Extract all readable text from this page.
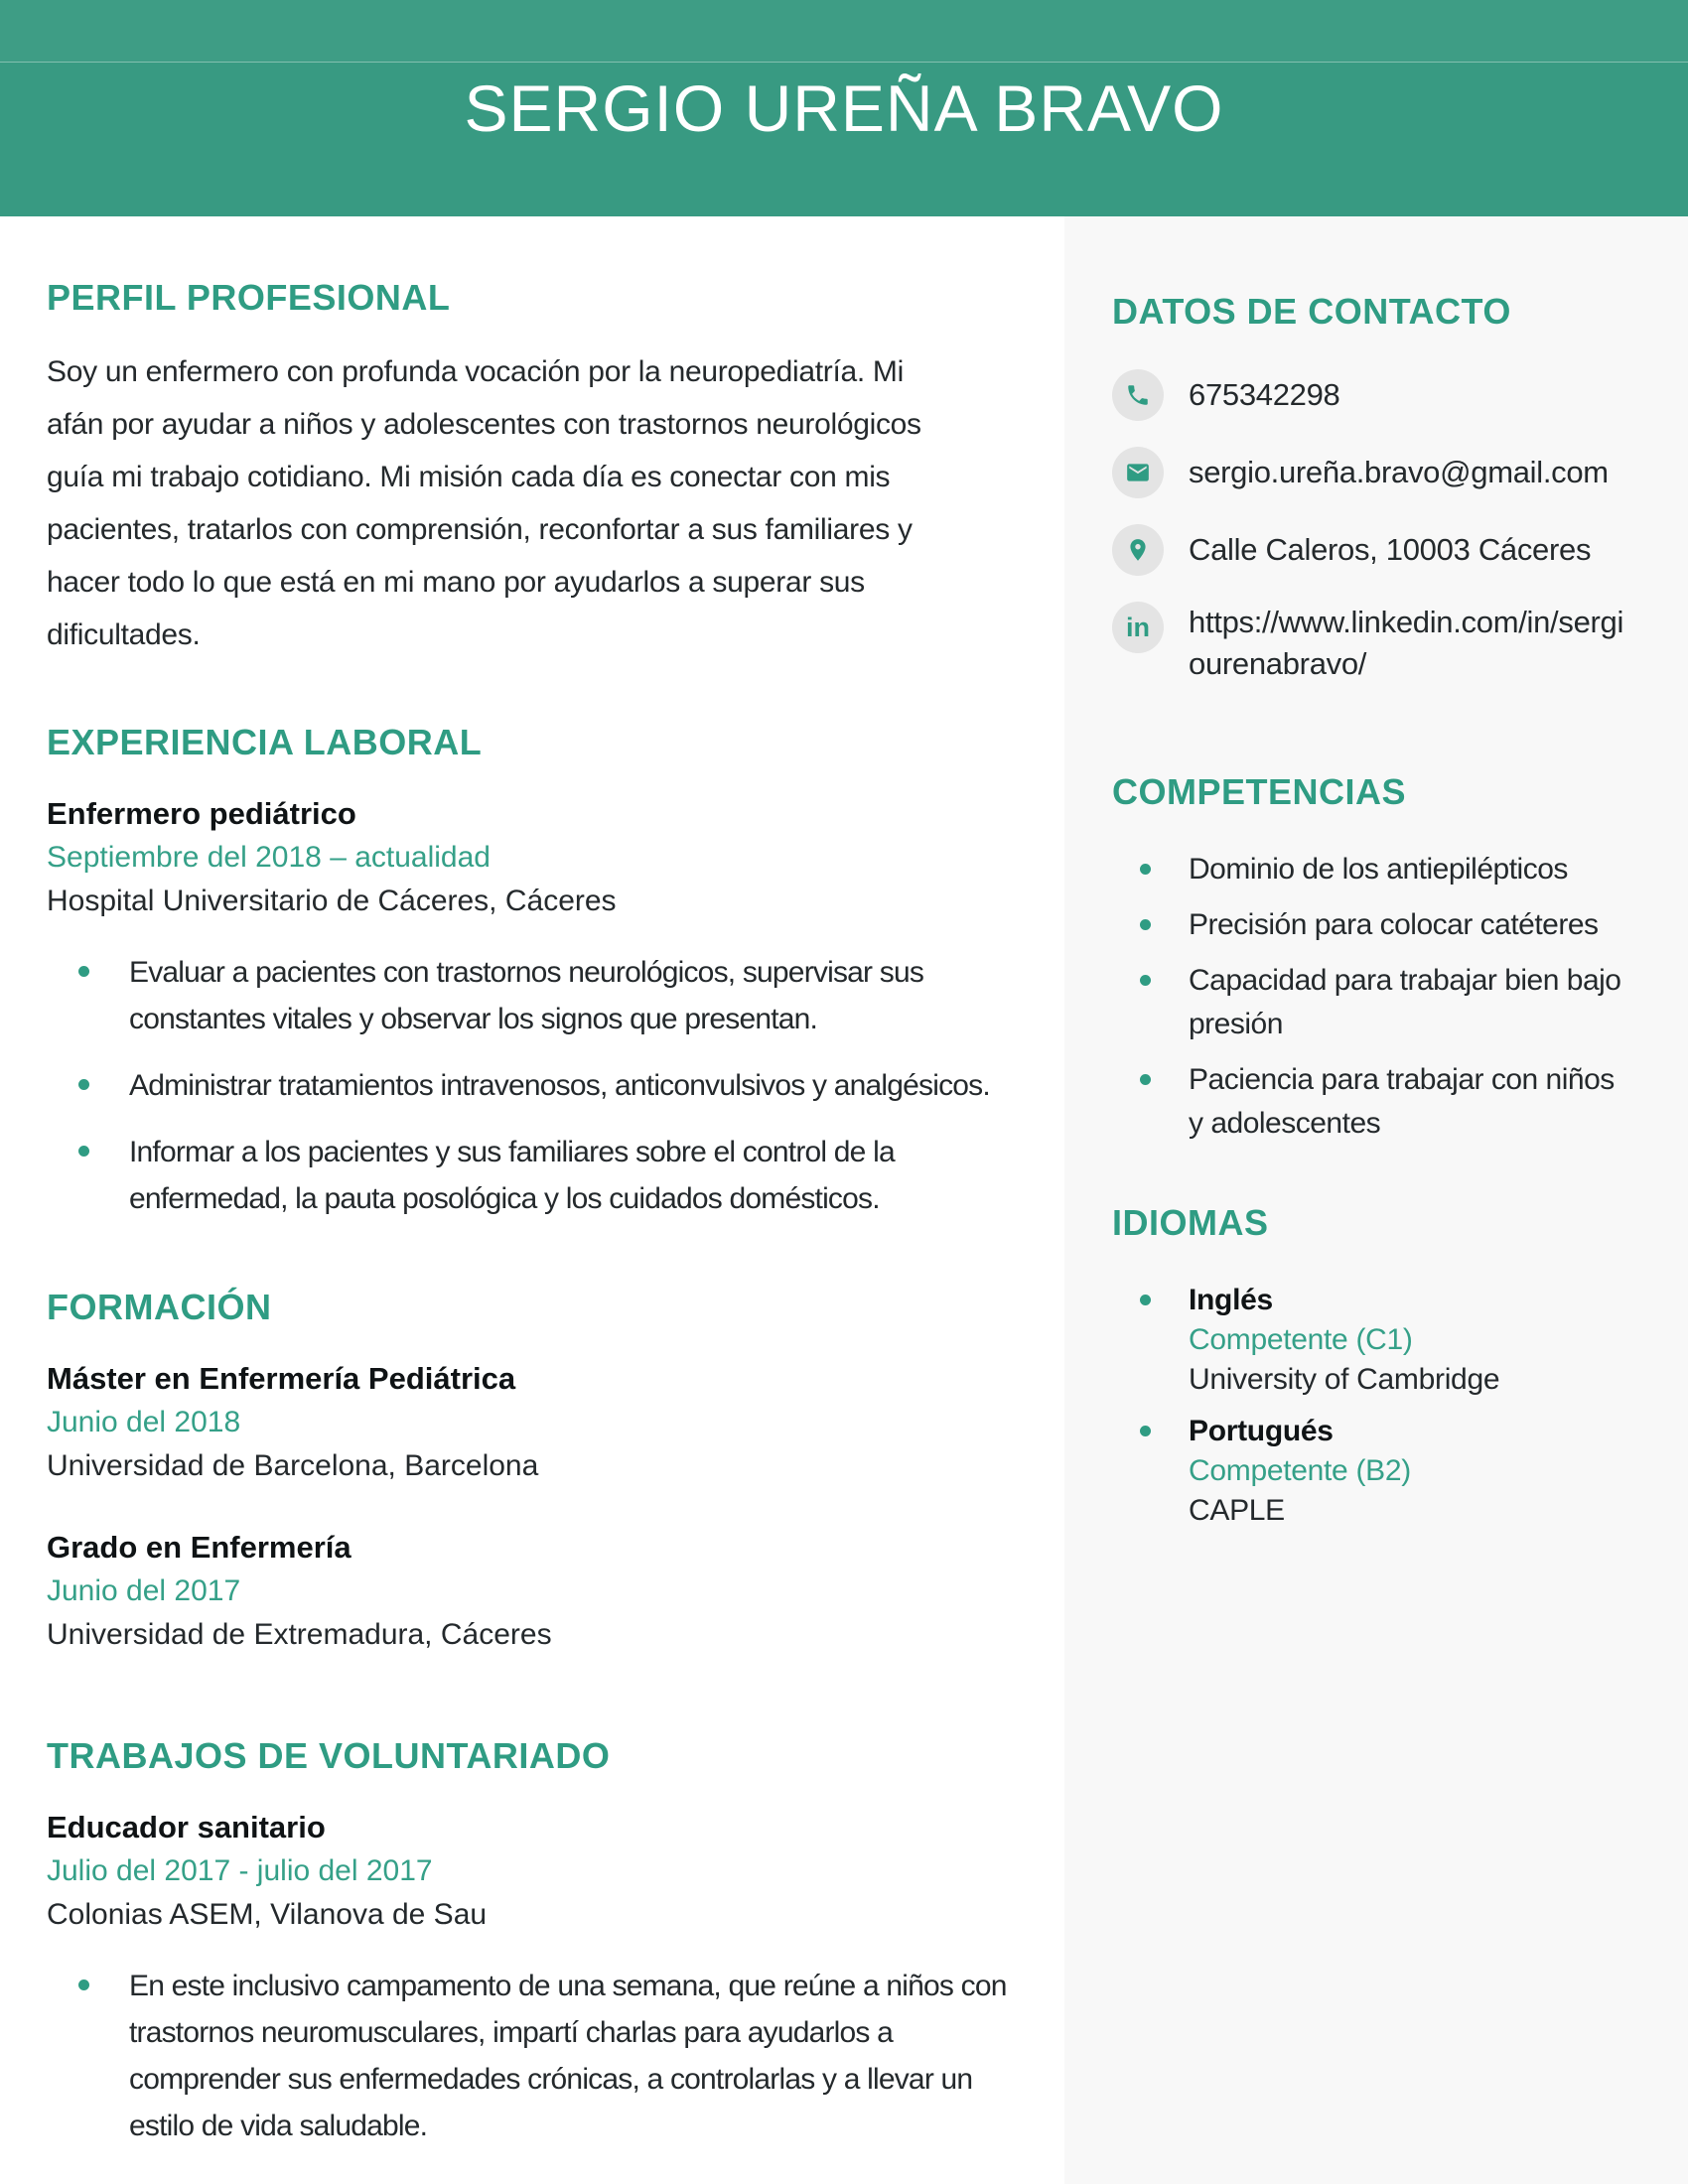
SERGIO UREÑA BRAVO
DATOS DE CONTACTO
675342298
sergio.ureña.bravo@gmail.com
Calle Caleros, 10003 Cáceres
in https://www.linkedin.com/in/sergiourenabravo/
COMPETENCIAS
Dominio de los antiepilépticos
Precisión para colocar catéteres
Capacidad para trabajar bien bajo presión
Paciencia para trabajar con niños y adolescentes
IDIOMAS
Inglés
Competente (C1)
University of Cambridge
Portugués
Competente (B2)
CAPLE
PERFIL PROFESIONAL

Soy un enfermero con profunda vocación por la neuropediatría. Mi afán por ayudar a niños y adolescentes con trastornos neurológicos guía mi trabajo cotidiano. Mi misión cada día es conectar con mis pacientes, tratarlos con comprensión, reconfortar a sus familiares y hacer todo lo que está en mi mano por ayudarlos a superar sus dificultades.

EXPERIENCIA LABORAL
Enfermero pediátrico
Septiembre del 2018 – actualidad
Hospital Universitario de Cáceres, Cáceres
Evaluar a pacientes con trastornos neurológicos, supervisar sus constantes vitales y observar los signos que presentan.
Administrar tratamientos intravenosos, anticonvulsivos y analgésicos.
Informar a los pacientes y sus familiares sobre el control de la enfermedad, la pauta posológica y los cuidados domésticos.
FORMACIÓN
Máster en Enfermería Pediátrica
Junio del 2018
Universidad de Barcelona, Barcelona
Grado en Enfermería
Junio del 2017
Universidad de Extremadura, Cáceres
TRABAJOS DE VOLUNTARIADO
Educador sanitario
Julio del 2017 - julio del 2017
Colonias ASEM, Vilanova de Sau
En este inclusivo campamento de una semana, que reúne a niños con trastornos neuromusculares, impartí charlas para ayudarlos a comprender sus enfermedades crónicas, a controlarlas y a llevar un estilo de vida saludable.
